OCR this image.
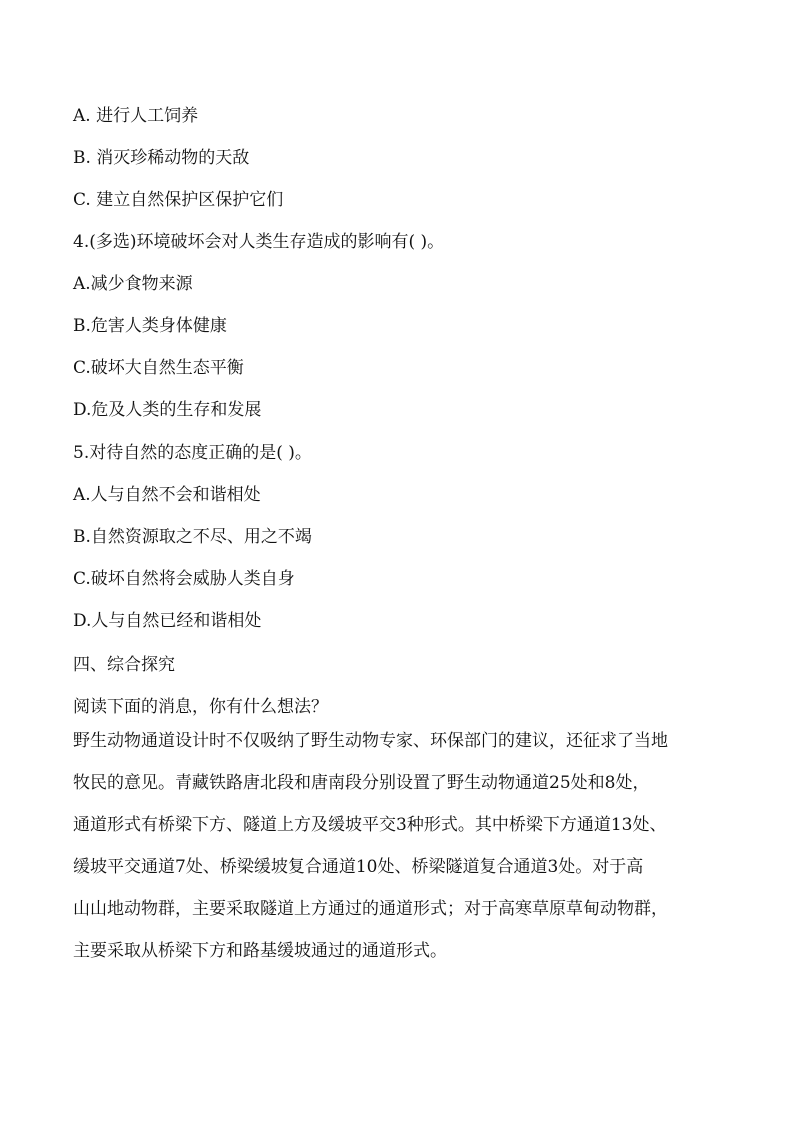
A. 进行人工饲养
B. 消灭珍稀动物的天敌
C. 建立自然保护区保护它们
4.(多选)环境破坏会对人类生存造成的影响有( )。
A.减少食物来源
B.危害人类身体健康
C.破坏大自然生态平衡
D.危及人类的生存和发展
5.对待自然的态度正确的是( )。
A.人与自然不会和谐相处
B.自然资源取之不尽、用之不竭
C.破坏自然将会威胁人类自身
D.人与自然已经和谐相处
四、综合探究
阅读下面的消息，你有什么想法？
野生动物通道设计时不仅吸纳了野生动物专家、环保部门的建议，还征求了当地
牧民的意见。青藏铁路唐北段和唐南段分别设置了野生动物通道25处和8处，
通道形式有桥梁下方、隧道上方及缓坡平交3种形式。其中桥梁下方通道13处、
缓坡平交通道7处、桥梁缓坡复合通道10处、桥梁隧道复合通道3处。对于高
山山地动物群，主要采取隧道上方通过的通道形式；对于高寒草原草甸动物群，
主要采取从桥梁下方和路基缓坡通过的通道形式。
